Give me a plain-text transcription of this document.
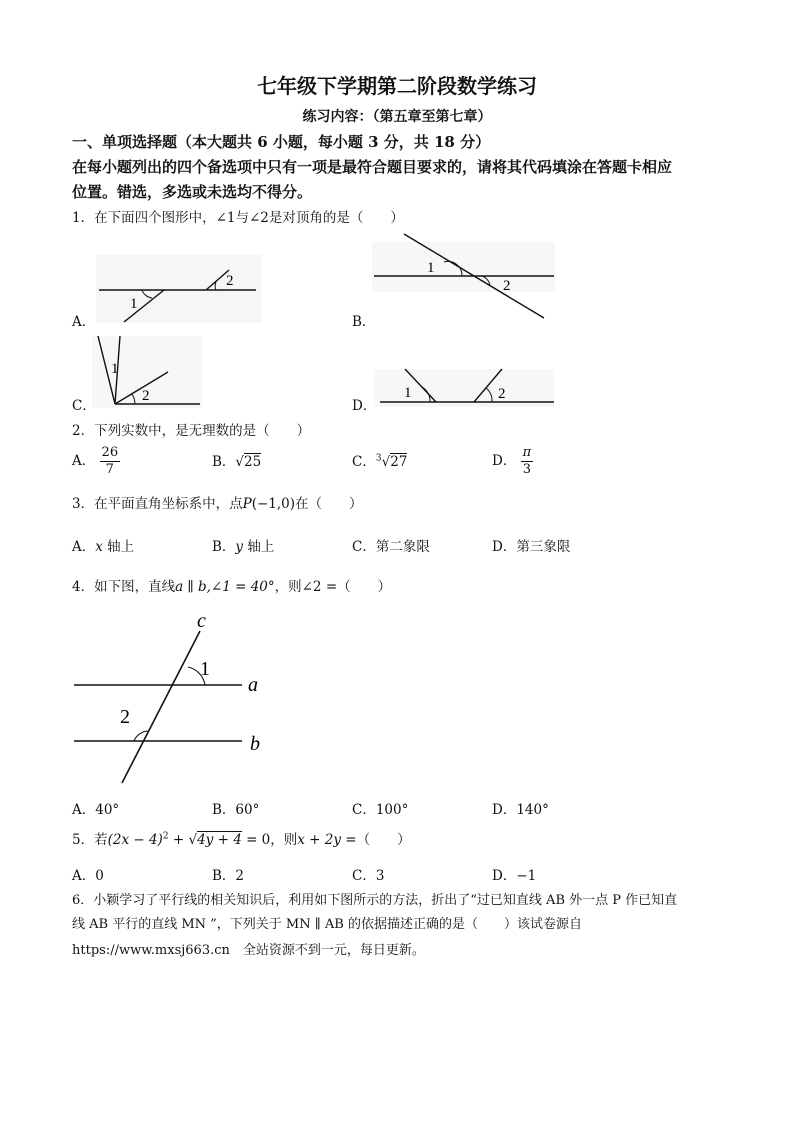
七年级下学期第二阶段数学练习
练习内容：（第五章至第七章）
一、单项选择题（本大题共 6 小题，每小题 3 分，共 18 分）
在每小题列出的四个备选项中只有一项是最符合题目要求的，请将其代码填涂在答题卡相应
位置。错选，多选或未选均不得分。
1．在下面四个图形中，∠1与∠2是对顶角的是（　　）
1
2
A．
1
2
B．
1
2
C．
1	2
D．
2．下列实数中，是无理数的是（　　）
A． $\frac{26}{7}$	B．√25	C．$^3$√27	D． $\frac{\pi}{3}$
3．在平面直角坐标系中，点P(−1,0)在（　　）
A．x 轴上	B．y 轴上	C．第二象限	D．第三象限
4．如下图，直线a ∥ b,∠1 = 40°，则∠2 =（　　）
c
a
b
1
2
A．40°	B．60°	C．100°	D．140°
5．若$(2x - 4)^2 + √4y + 4 = 0$，则x + 2y =（　　）
A．0	B．2	C．3	D．−1
6．小颖学习了平行线的相关知识后，利用如下图所示的方法，折出了“过已知直线 AB 外一点 P 作已知直
线 AB 平行的直线 MN ”，下列关于 MN ∥ AB 的依据描述正确的是（　　）该试卷源自
https://www.mxsj663.cn　全站资源不到一元，每日更新。
